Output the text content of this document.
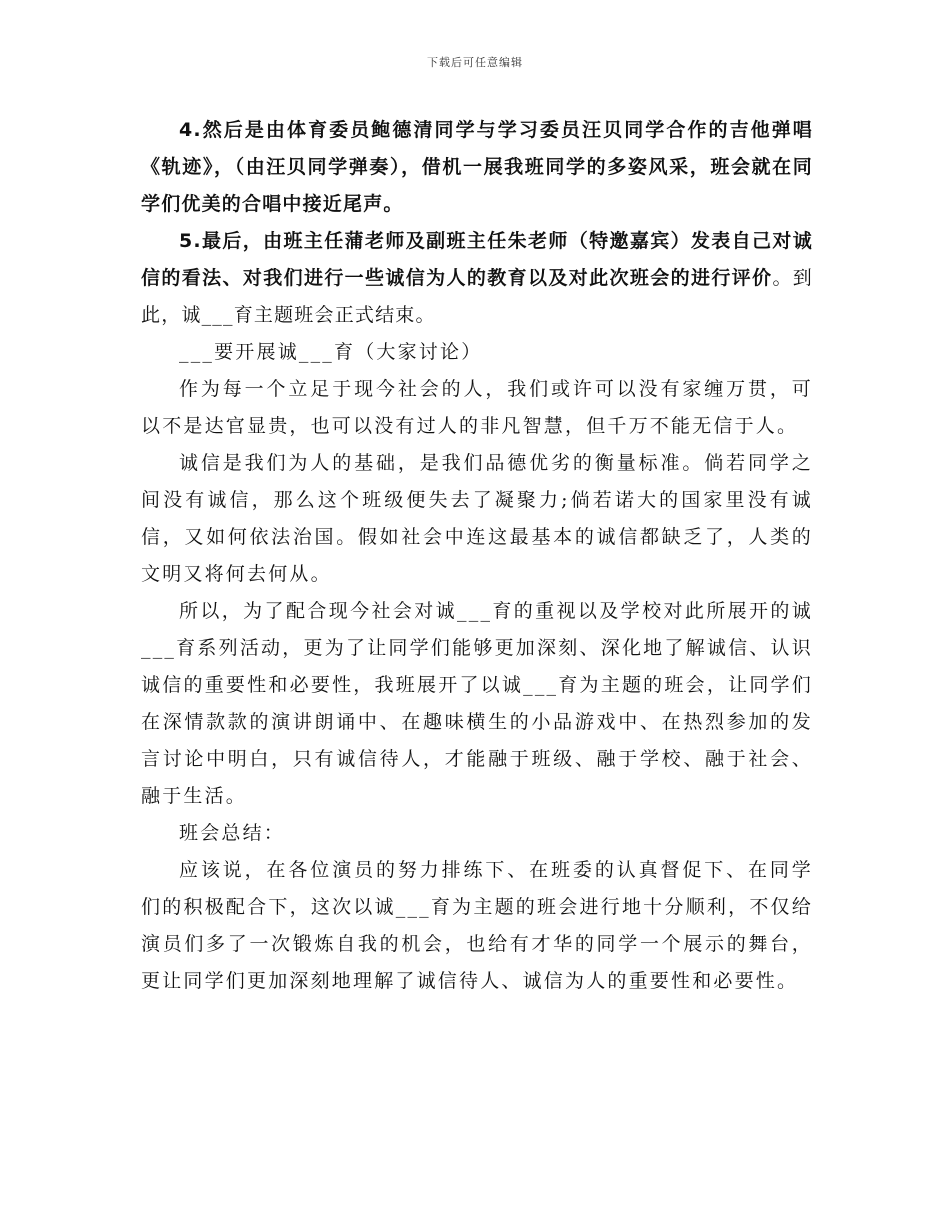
下载后可任意编辑

4.然后是由体育委员鲍德清同学与学习委员汪贝同学合作的吉他弹唱《轨迹》，（由汪贝同学弹奏），借机一展我班同学的多姿风采，班会就在同学们优美的合唱中接近尾声。

5.最后，由班主任蒲老师及副班主任朱老师（特邀嘉宾）发表自己对诚信的看法、对我们进行一些诚信为人的教育以及对此次班会的进行评价。到此，诚___育主题班会正式结束。

___要开展诚___育（大家讨论）

作为每一个立足于现今社会的人，我们或许可以没有家缠万贯，可以不是达官显贵，也可以没有过人的非凡智慧，但千万不能无信于人。

诚信是我们为人的基础，是我们品德优劣的衡量标准。倘若同学之间没有诚信，那么这个班级便失去了凝聚力;倘若诺大的国家里没有诚信，又如何依法治国。假如社会中连这最基本的诚信都缺乏了，人类的文明又将何去何从。

所以，为了配合现今社会对诚___育的重视以及学校对此所展开的诚___育系列活动，更为了让同学们能够更加深刻、深化地了解诚信、认识诚信的重要性和必要性，我班展开了以诚___育为主题的班会，让同学们在深情款款的演讲朗诵中、在趣味横生的小品游戏中、在热烈参加的发言讨论中明白，只有诚信待人，才能融于班级、融于学校、融于社会、融于生活。

班会总结：

应该说，在各位演员的努力排练下、在班委的认真督促下、在同学们的积极配合下，这次以诚___育为主题的班会进行地十分顺利，不仅给演员们多了一次锻炼自我的机会，也给有才华的同学一个展示的舞台，更让同学们更加深刻地理解了诚信待人、诚信为人的重要性和必要性。
